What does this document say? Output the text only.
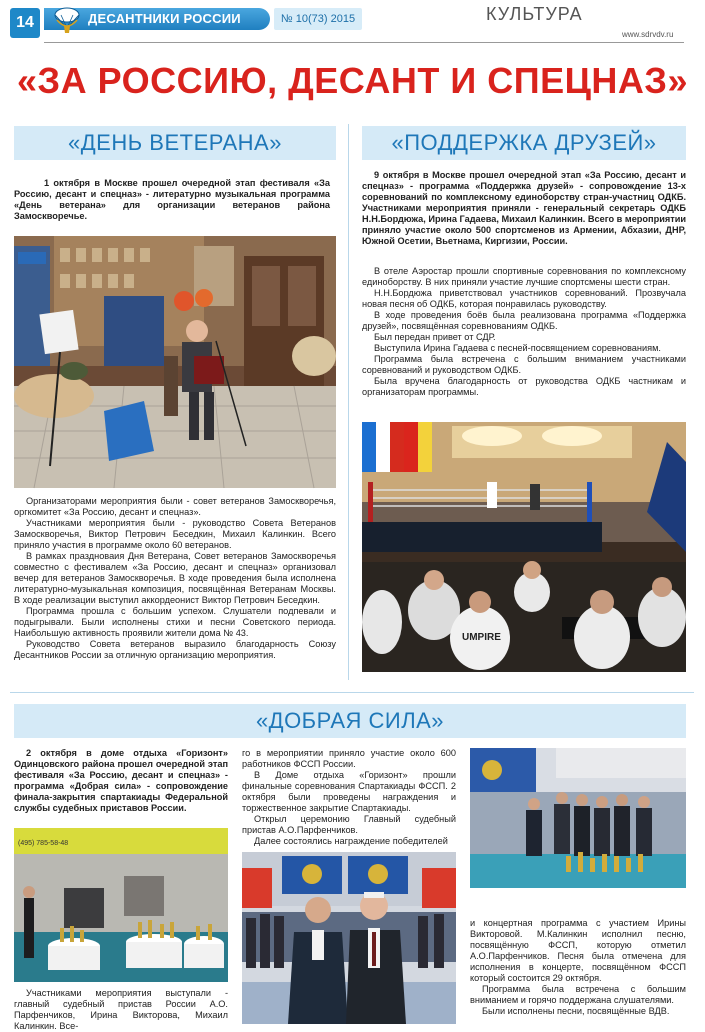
14	ДЕСАНТНИКИ РОССИИ	№ 10(73) 2015	КУЛЬТУРА
www.sdrvdv.ru
«ЗА РОССИЮ, ДЕСАНТ И СПЕЦНАЗ»
«ДЕНЬ ВЕТЕРАНА»

1 октября в Москве прошел очередной этап фестиваля «За Россию, десант и спецназ» - литературно музыкальная программа «День ветерана» для организации ветеранов района Замоскворечье.

Организаторами мероприятия были - совет ветеранов Замоскворечья, оргкомитет «За Россию, десант и спецназ».

Участниками мероприятия были - руководство Совета Ветеранов Замоскворечья, Виктор Петрович Беседкин, Михаил Калинкин. Всего приняло участия в программе около 60 ветеранов.

В рамках праздноваия Дня Ветерана, Совет ветеранов Замоскворечья совместно с фестивалем «За Россию, десант и спецназ» организовал вечер для ветеранов Замоскворечья. В ходе проведения была исполнена литературно-музыкальная композиция, посвящённая Ветеранам Москвы. В ходе реализации выступил аккордеонист Виктор Петрович Беседкин.

Программа прошла с большим успехом. Слушатели подпевали и подыгрывали. Были исполнены стихи и песни Советского периода. Наибольшую активность проявили жители дома № 43.

Руководство Совета ветеранов выразило благодарность Союзу Десантников России за отличную организацию мероприятия.

«ПОДДЕРЖКА ДРУЗЕЙ»

9 октября в Москве прошел очередной этап «За Россию, десант и спецназ» - программа «Поддержка друзей» - сопровождение 13-х соревнований по комплексному единоборству стран-участниц ОДКБ. Участниками мероприятия приняли - генеральный секретарь ОДКБ Н.Н.Бордюжа, Ирина Гадаева, Михаил Калинкин. Всего в мероприятии приняло участие около 500 спортсменов из Армении, Абхазии, ДНР, Южной Осетии, Вьетнама, Киргизии, России.

В отеле Аэростар прошли спортивные соревнования по комплексному единоборству. В них приняли участие лучшие спортсмены шести стран.

Н.Н.Бордюжа приветствовал участников соревнований. Прозвучала новая песня об ОДКБ, которая понравилась руководству.

В ходе проведения боёв была реализована программа «Поддержка друзей», посвящённая соревнованиям ОДКБ.

Был передан привет от СДР.

Выступила Ирина Гадаева с песней-посвящением соревнованиям.

Программа была встречена с большим вниманием участниками соревнований и руководством ОДКБ.

Была вручена благодарность от руководства ОДКБ частникам и организаторам программы.

UMPIRE
«ДОБРАЯ СИЛА»

2 октября в доме отдыха «Горизонт» Одинцовского района прошел очередной этап фестиваля «За Россию, десант и спецназ» - программа «Добрая сила» - сопровождение финала-закрытия спартакиады Федеральной службы судебных приставов России.

(495) 785-58-48

Участниками мероприятия выступали - главный судебный пристав России А.О. Парфенчиков, Ирина Викторова, Михаил Калинкин. Все-

го в мероприятии приняло участие около 600 работников ФССП России.

В Доме отдыха «Горизонт» прошли финальные соревнования Спартакиады ФССП. 2 октября были проведены награждения и торжественное закрытие Спартакиады.

Открыл церемонию Главный судебный пристав А.О.Парфенчиков.

Далее состоялись награждение победителей

и концертная программа с участием Ирины Викторовой. М.Калинкин исполнил песню, посвящённую ФССП, которую отметил А.О.Парфенчиков. Песня была отмечена для исполнения в концерте, посвящённом ФССП который состоится 29 октября.

Программа была встречена с большим вниманием и горячо поддержана слушателями.

Были исполнены песни, посвящённые ВДВ.
